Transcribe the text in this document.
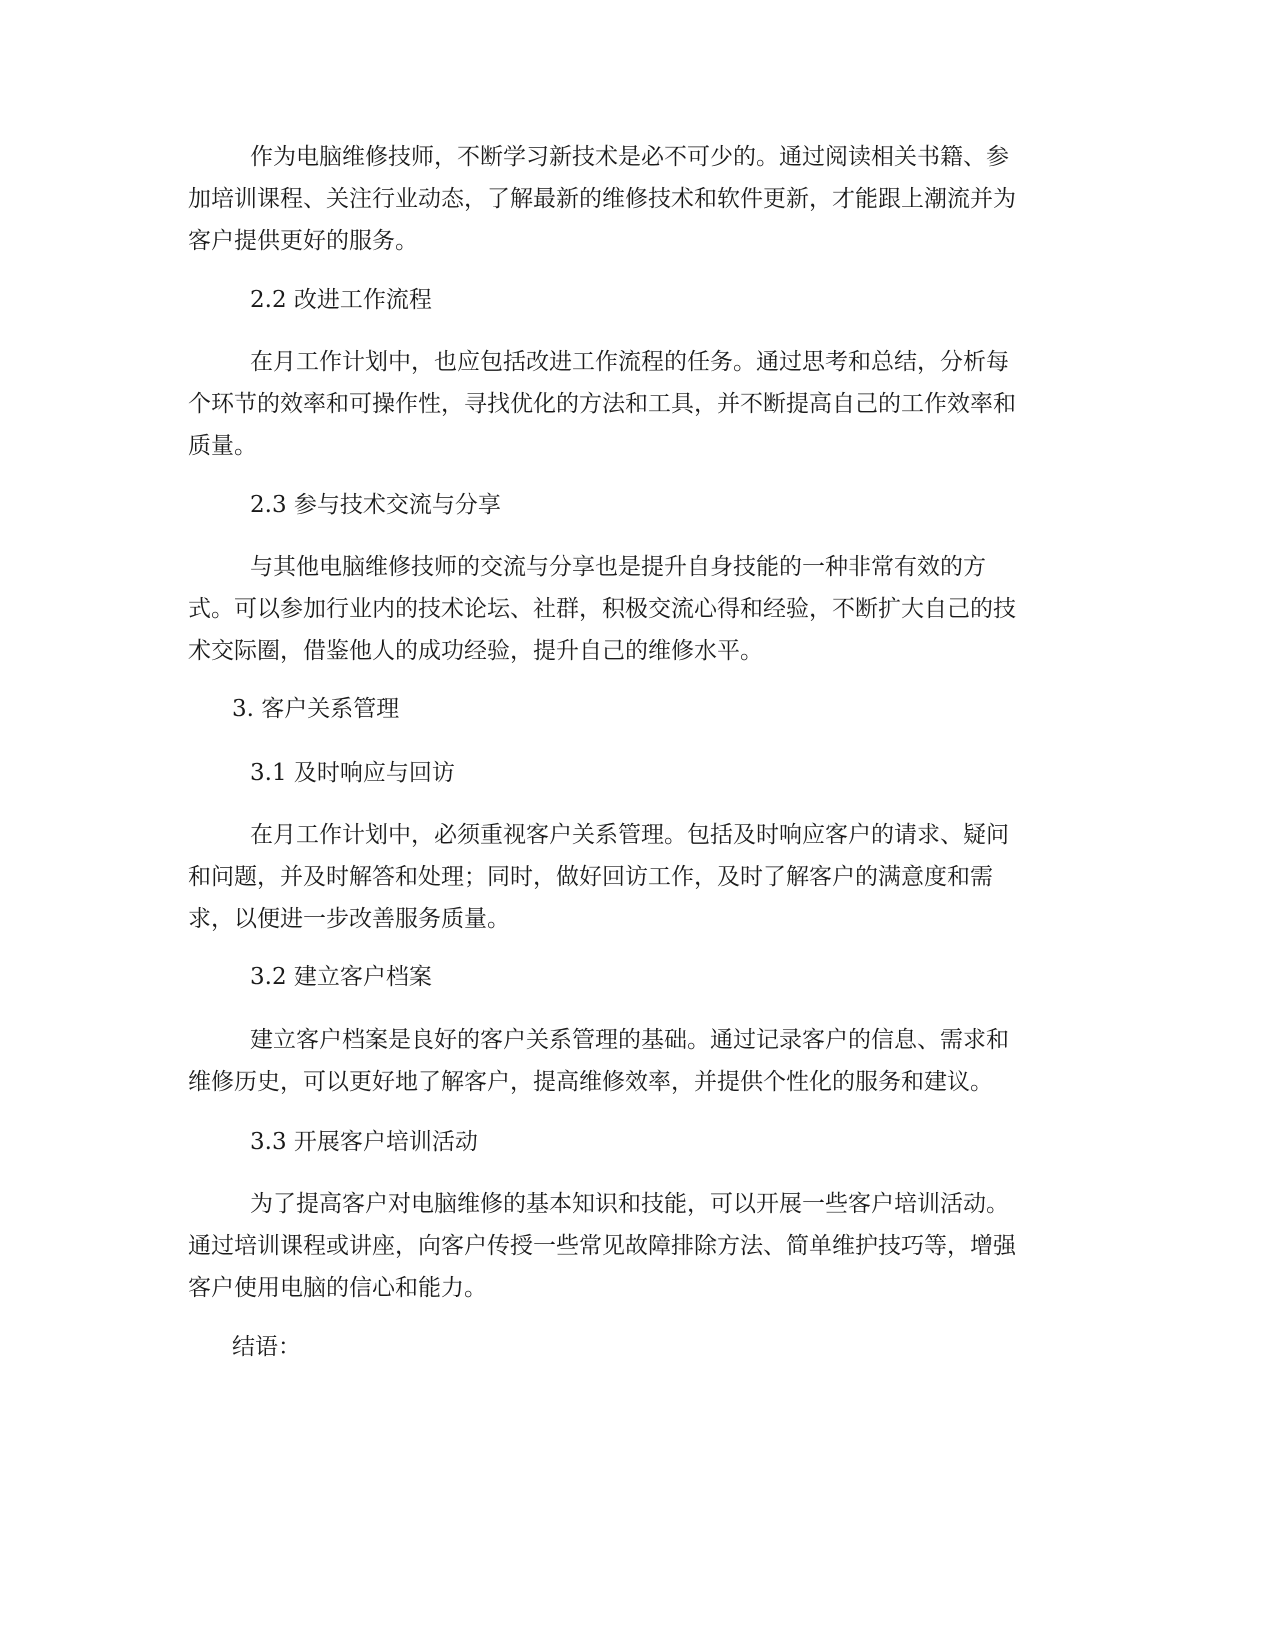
作为电脑维修技师，不断学习新技术是必不可少的。通过阅读相关书籍、参
加培训课程、关注行业动态，了解最新的维修技术和软件更新，才能跟上潮流并为
客户提供更好的服务。
2.2 改进工作流程
在月工作计划中，也应包括改进工作流程的任务。通过思考和总结，分析每
个环节的效率和可操作性，寻找优化的方法和工具，并不断提高自己的工作效率和
质量。
2.3 参与技术交流与分享
与其他电脑维修技师的交流与分享也是提升自身技能的一种非常有效的方
式。可以参加行业内的技术论坛、社群，积极交流心得和经验，不断扩大自己的技
术交际圈，借鉴他人的成功经验，提升自己的维修水平。
3. 客户关系管理
3.1 及时响应与回访
在月工作计划中，必须重视客户关系管理。包括及时响应客户的请求、疑问
和问题，并及时解答和处理；同时，做好回访工作，及时了解客户的满意度和需
求，以便进一步改善服务质量。
3.2 建立客户档案
建立客户档案是良好的客户关系管理的基础。通过记录客户的信息、需求和
维修历史，可以更好地了解客户，提高维修效率，并提供个性化的服务和建议。
3.3 开展客户培训活动
为了提高客户对电脑维修的基本知识和技能，可以开展一些客户培训活动。
通过培训课程或讲座，向客户传授一些常见故障排除方法、简单维护技巧等，增强
客户使用电脑的信心和能力。
结语：
